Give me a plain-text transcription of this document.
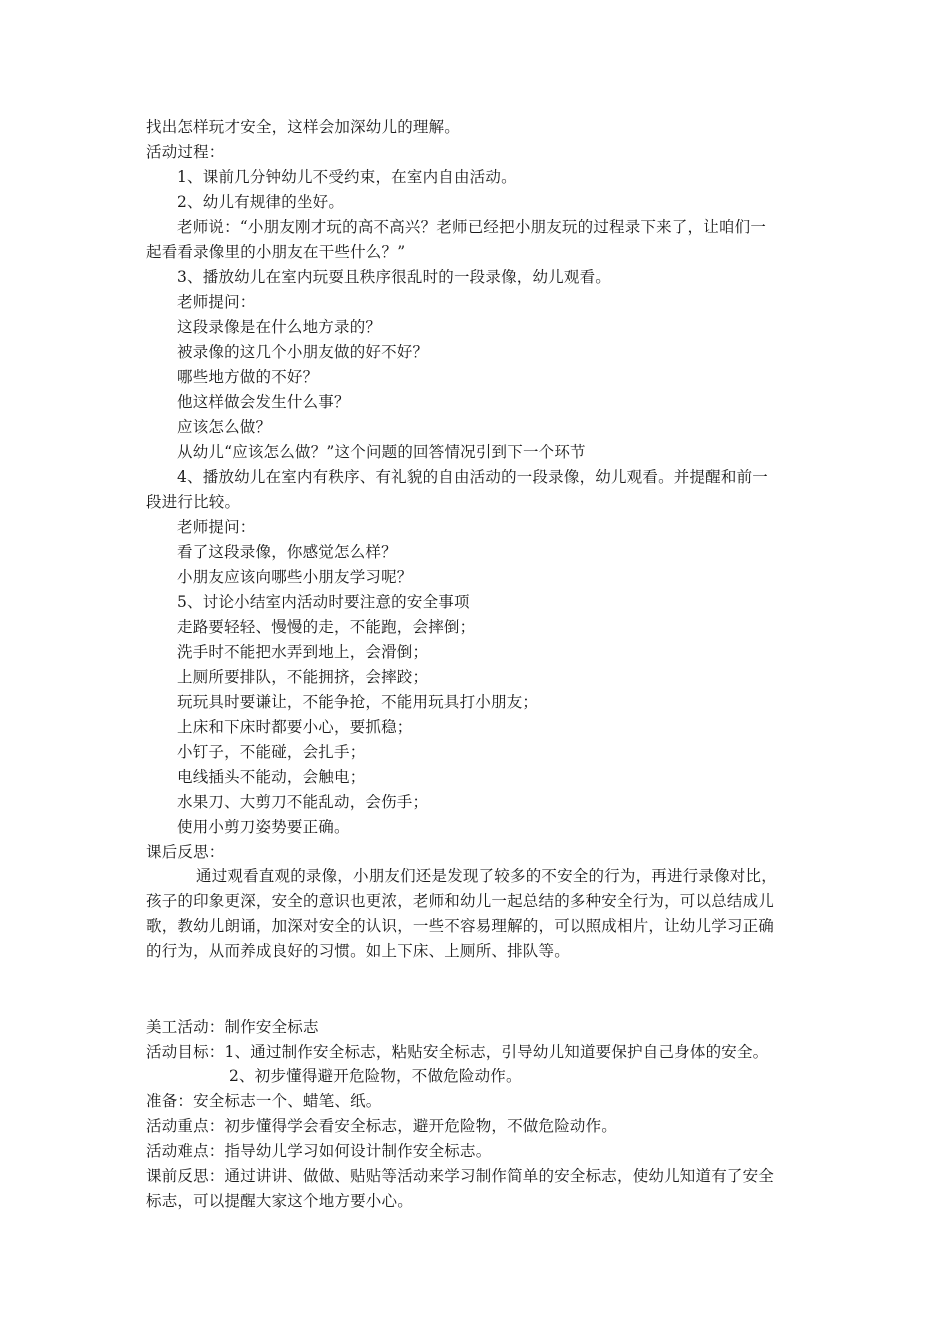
找出怎样玩才安全，这样会加深幼儿的理解。
活动过程：
1、课前几分钟幼儿不受约束，在室内自由活动。
2、幼儿有规律的坐好。
老师说：“小朋友刚才玩的高不高兴？老师已经把小朋友玩的过程录下来了，让咱们一
起看看录像里的小朋友在干些什么？”
3、播放幼儿在室内玩耍且秩序很乱时的一段录像，幼儿观看。
老师提问：
这段录像是在什么地方录的？
被录像的这几个小朋友做的好不好？
哪些地方做的不好？
他这样做会发生什么事？
应该怎么做？
从幼儿“应该怎么做？”这个问题的回答情况引到下一个环节
4、播放幼儿在室内有秩序、有礼貌的自由活动的一段录像，幼儿观看。并提醒和前一
段进行比较。
老师提问：
看了这段录像，你感觉怎么样？
小朋友应该向哪些小朋友学习呢？
5、讨论小结室内活动时要注意的安全事项
走路要轻轻、慢慢的走，不能跑，会摔倒；
洗手时不能把水弄到地上，会滑倒；
上厕所要排队，不能拥挤，会摔跤；
玩玩具时要谦让，不能争抢，不能用玩具打小朋友；
上床和下床时都要小心，要抓稳；
小钉子，不能碰，会扎手；
电线插头不能动，会触电；
水果刀、大剪刀不能乱动，会伤手；
使用小剪刀姿势要正确。
课后反思：
通过观看直观的录像，小朋友们还是发现了较多的不安全的行为，再进行录像对比，
孩子的印象更深，安全的意识也更浓，老师和幼儿一起总结的多种安全行为，可以总结成儿
歌，教幼儿朗诵，加深对安全的认识，一些不容易理解的，可以照成相片，让幼儿学习正确
的行为，从而养成良好的习惯。如上下床、上厕所、排队等。
美工活动：制作安全标志
活动目标：1、通过制作安全标志，粘贴安全标志，引导幼儿知道要保护自己身体的安全。
2、初步懂得避开危险物，不做危险动作。
准备：安全标志一个、蜡笔、纸。
活动重点：初步懂得学会看安全标志，避开危险物，不做危险动作。
活动难点：指导幼儿学习如何设计制作安全标志。
课前反思：通过讲讲、做做、贴贴等活动来学习制作简单的安全标志，使幼儿知道有了安全
标志，可以提醒大家这个地方要小心。
